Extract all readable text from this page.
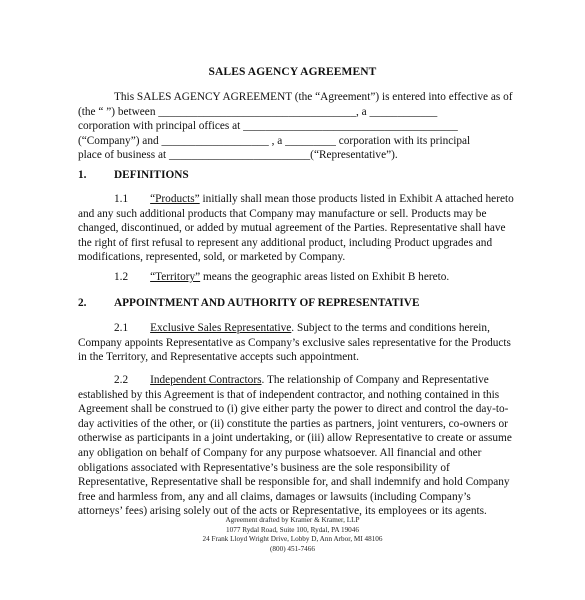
SALES AGENCY AGREEMENT
This SALES AGENCY AGREEMENT (the “Agreement”) is entered into effective as of
(the “ ”) between ___________________________________, a ____________
corporation with principal offices at ______________________________________
(“Company”) and ___________________ , a _________ corporation with its principal
place of business at _________________________(“Representative”).
1. DEFINITIONS
1.1 “Products” initially shall mean those products listed in Exhibit A attached hereto
and any such additional products that Company may manufacture or sell. Products may be
changed, discontinued, or added by mutual agreement of the Parties. Representative shall have
the right of first refusal to represent any additional product, including Product upgrades and
modifications, represented, sold, or marketed by Company.
1.2 “Territory” means the geographic areas listed on Exhibit B hereto.
2. APPOINTMENT AND AUTHORITY OF REPRESENTATIVE
2.1 Exclusive Sales Representative. Subject to the terms and conditions herein,
Company appoints Representative as Company’s exclusive sales representative for the Products
in the Territory, and Representative accepts such appointment.
2.2 Independent Contractors. The relationship of Company and Representative
established by this Agreement is that of independent contractor, and nothing contained in this
Agreement shall be construed to (i) give either party the power to direct and control the day-to-
day activities of the other, or (ii) constitute the parties as partners, joint venturers, co-owners or
otherwise as participants in a joint undertaking, or (iii) allow Representative to create or assume
any obligation on behalf of Company for any purpose whatsoever. All financial and other
obligations associated with Representative’s business are the sole responsibility of
Representative, Representative shall be responsible for, and shall indemnify and hold Company
free and harmless from, any and all claims, damages or lawsuits (including Company’s
attorneys’ fees) arising solely out of the acts or Representative, its employees or its agents.
Agreement drafted by Kramer & Kramer, LLP
1077 Rydal Road, Suite 100, Rydal, PA 19046
24 Frank Lloyd Wright Drive, Lobby D, Ann Arbor, MI 48106
(800) 451-7466
